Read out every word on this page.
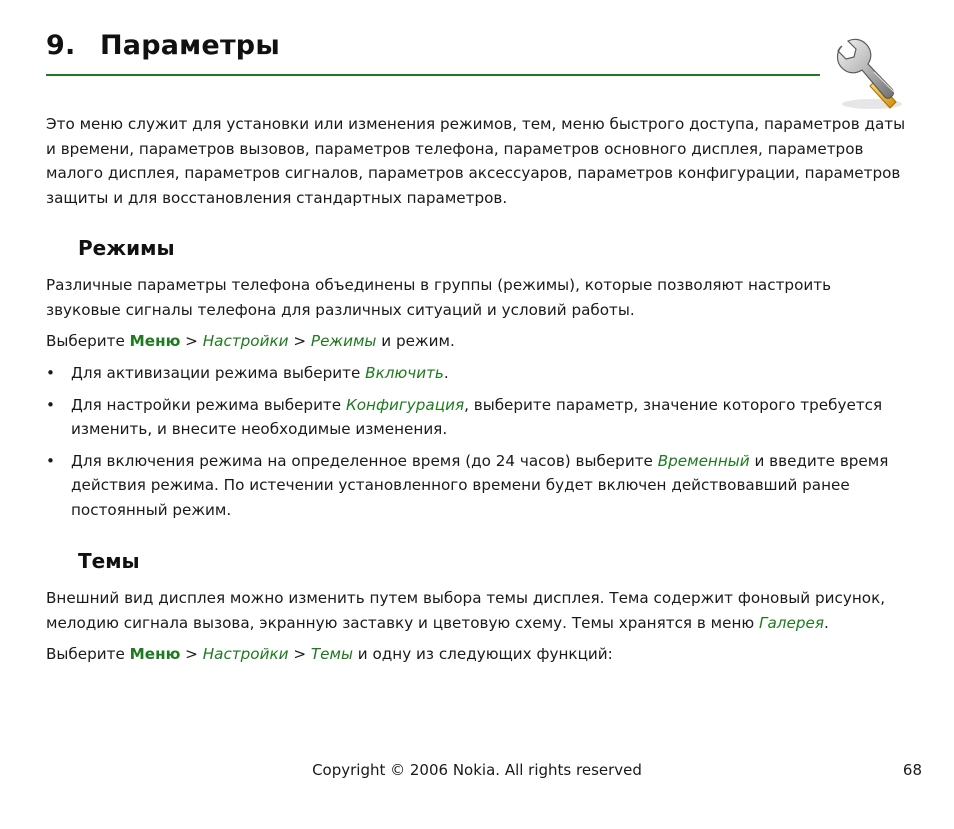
9. Параметры

Это меню служит для установки или изменения режимов, тем, меню быстрого доступа, параметров даты и времени, параметров вызовов, параметров телефона, параметров основного дисплея, параметров малого дисплея, параметров сигналов, параметров аксессуаров, параметров конфигурации, параметров защиты и для восстановления стандартных параметров.

Режимы

Различные параметры телефона объединены в группы (режимы), которые позволяют настроить звуковые сигналы телефона для различных ситуаций и условий работы.

Выберите Меню > Настройки > Режимы и режим.

• Для активизации режима выберите Включить.
• Для настройки режима выберите Конфигурация, выберите параметр, значение которого требуется изменить, и внесите необходимые изменения.
• Для включения режима на определенное время (до 24 часов) выберите Временный и введите время действия режима. По истечении установленного времени будет включен действовавший ранее постоянный режим.
Темы

Внешний вид дисплея можно изменить путем выбора темы дисплея. Тема содержит фоновый рисунок, мелодию сигнала вызова, экранную заставку и цветовую схему. Темы хранятся в меню Галерея.

Выберите Меню > Настройки > Темы и одну из следующих функций:

Copyright © 2006 Nokia. All rights reserved	68
